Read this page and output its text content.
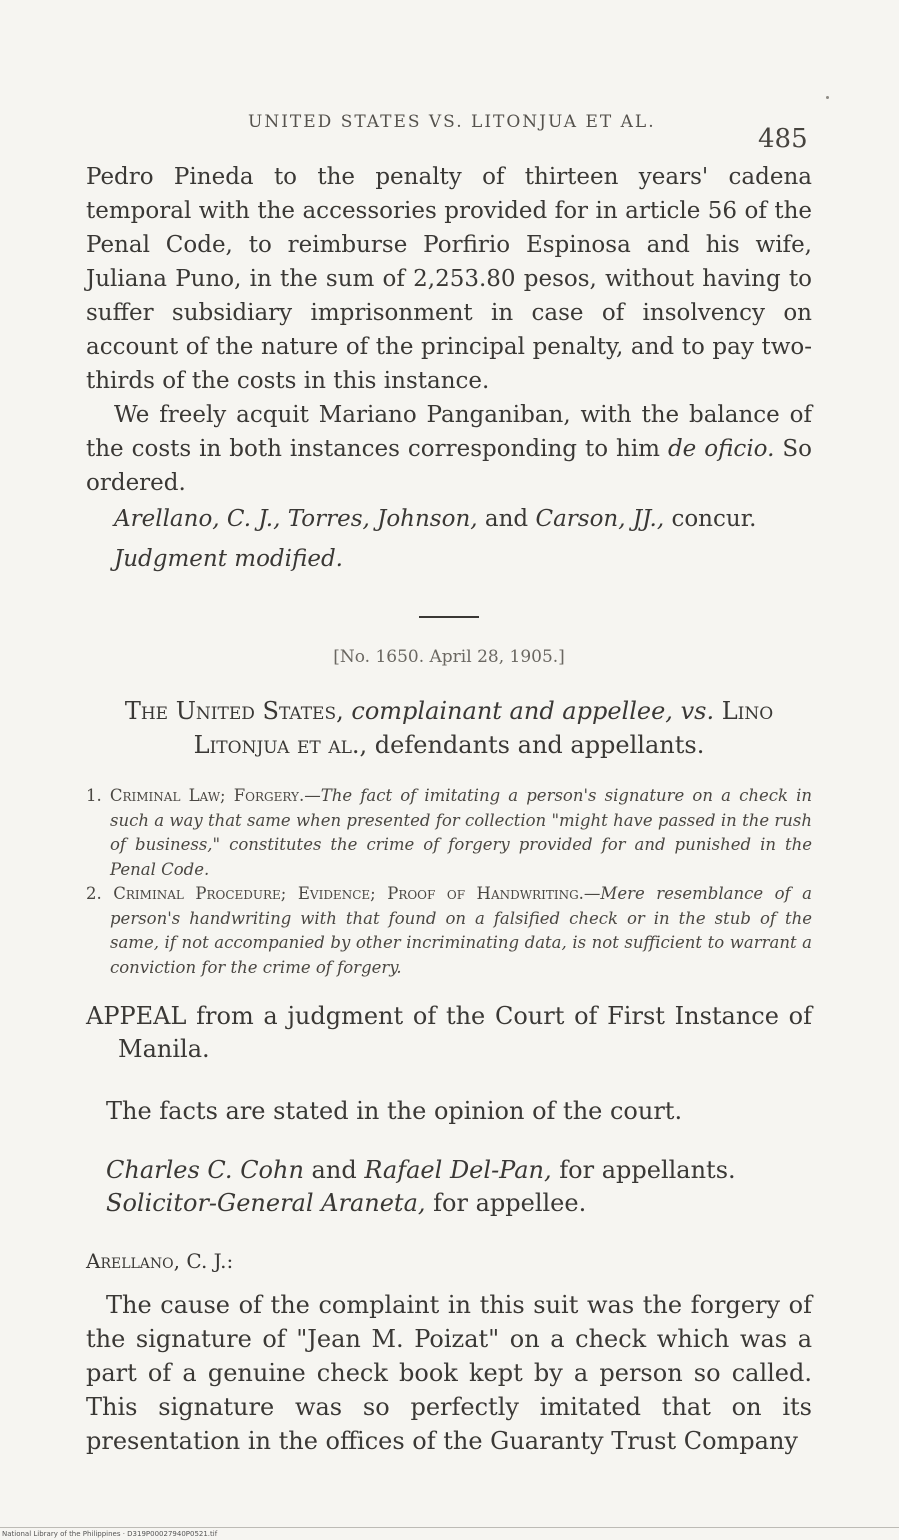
UNITED STATES VS. LITONJUA ET AL.
485

Pedro Pineda to the penalty of thirteen years' cadena temporal with the accessories provided for in article 56 of the Penal Code, to reimburse Porfirio Espinosa and his wife, Juliana Puno, in the sum of 2,253.80 pesos, without having to suffer subsidiary imprisonment in case of insolvency on account of the nature of the principal penalty, and to pay two-thirds of the costs in this instance.

We freely acquit Mariano Panganiban, with the balance of the costs in both instances corresponding to him de oficio. So ordered.

Arellano, C. J., Torres, Johnson, and Carson, JJ., concur.

Judgment modified.

[No. 1650. April 28, 1905.]

The United States, complainant and appellee, vs. Lino Litonjua et al., defendants and appellants.

1. Criminal Law; Forgery.—The fact of imitating a person's signature on a check in such a way that same when presented for collection "might have passed in the rush of business," constitutes the crime of forgery provided for and punished in the Penal Code.

2. Criminal Procedure; Evidence; Proof of Handwriting.—Mere resemblance of a person's handwriting with that found on a falsified check or in the stub of the same, if not accompanied by other incriminating data, is not sufficient to warrant a conviction for the crime of forgery.

APPEAL from a judgment of the Court of First Instance of Manila.

The facts are stated in the opinion of the court.

Charles C. Cohn and Rafael Del-Pan, for appellants.

Solicitor-General Araneta, for appellee.

Arellano, C. J.:

The cause of the complaint in this suit was the forgery of the signature of "Jean M. Poizat" on a check which was a part of a genuine check book kept by a person so called. This signature was so perfectly imitated that on its presentation in the offices of the Guaranty Trust Company

National Library of the Philippines · D319P00027940P0521.tif
